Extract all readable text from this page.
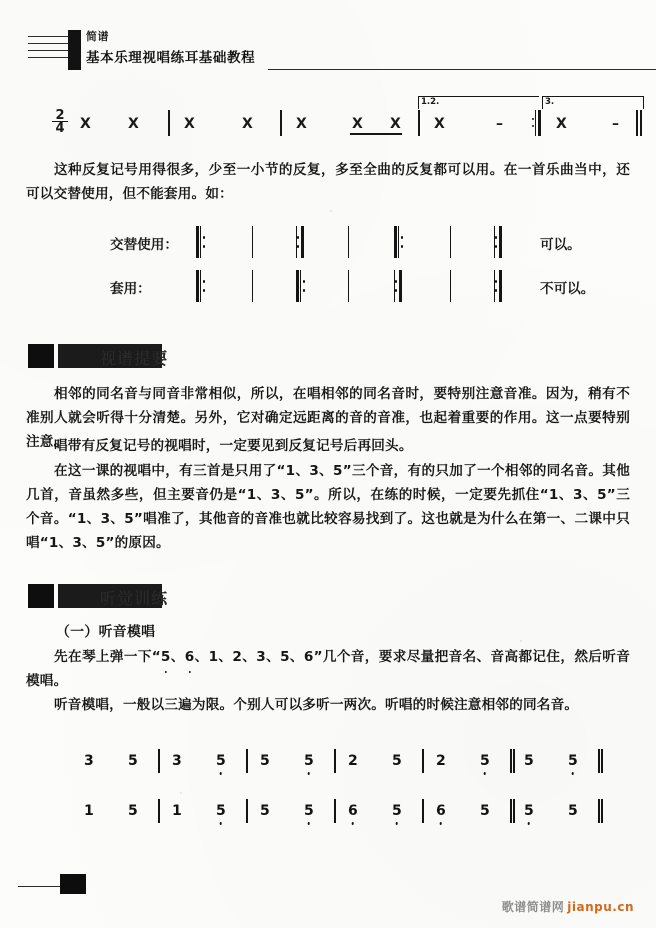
简谱
基本乐理视唱练耳基础教程
$\frac{2}{4}$ X	X	X	X	X	X X
1.2.
X	–
3.
X	–
这种反复记号用得很多，少至一小节的反复，多至全曲的反复都可以用。在一首乐曲当中，还可以交替使用，但不能套用。如：
交替使用：	可以。
套用：	不可以。
视谱提要
相邻的同名音与同音非常相似，所以，在唱相邻的同名音时，要特别注意音准。因为，稍有不准别人就会听得十分清楚。另外，它对确定远距离的音的音准，也起着重要的作用。这一点要特别注意。
唱带有反复记号的视唱时，一定要见到反复记号后再回头。
在这一课的视唱中，有三首是只用了“1、3、5”三个音，有的只加了一个相邻的同名音。其他几首，音虽然多些，但主要音仍是“1、3、5”。所以，在练的时候，一定要先抓住“1、3、5”三个音。“1、3、5”唱准了，其他音的音准也就比较容易找到了。这也就是为什么在第一、二课中只唱“1、3、5”的原因。
听觉训练
（一）听音模唱
先在琴上弹一下“5、6、1、2、3、5、6”几个音，要求尽量把音名、音高都记住，然后听音模唱。
听音模唱，一般以三遍为限。个别人可以多听一两次。听唱的时候注意相邻的同名音。
3 5 3 5 5 5 2 5 2 5 5 5
1 5 1 5 5 5 6 5 6 5 5 5
歌谱简谱网 jianpu.cn
